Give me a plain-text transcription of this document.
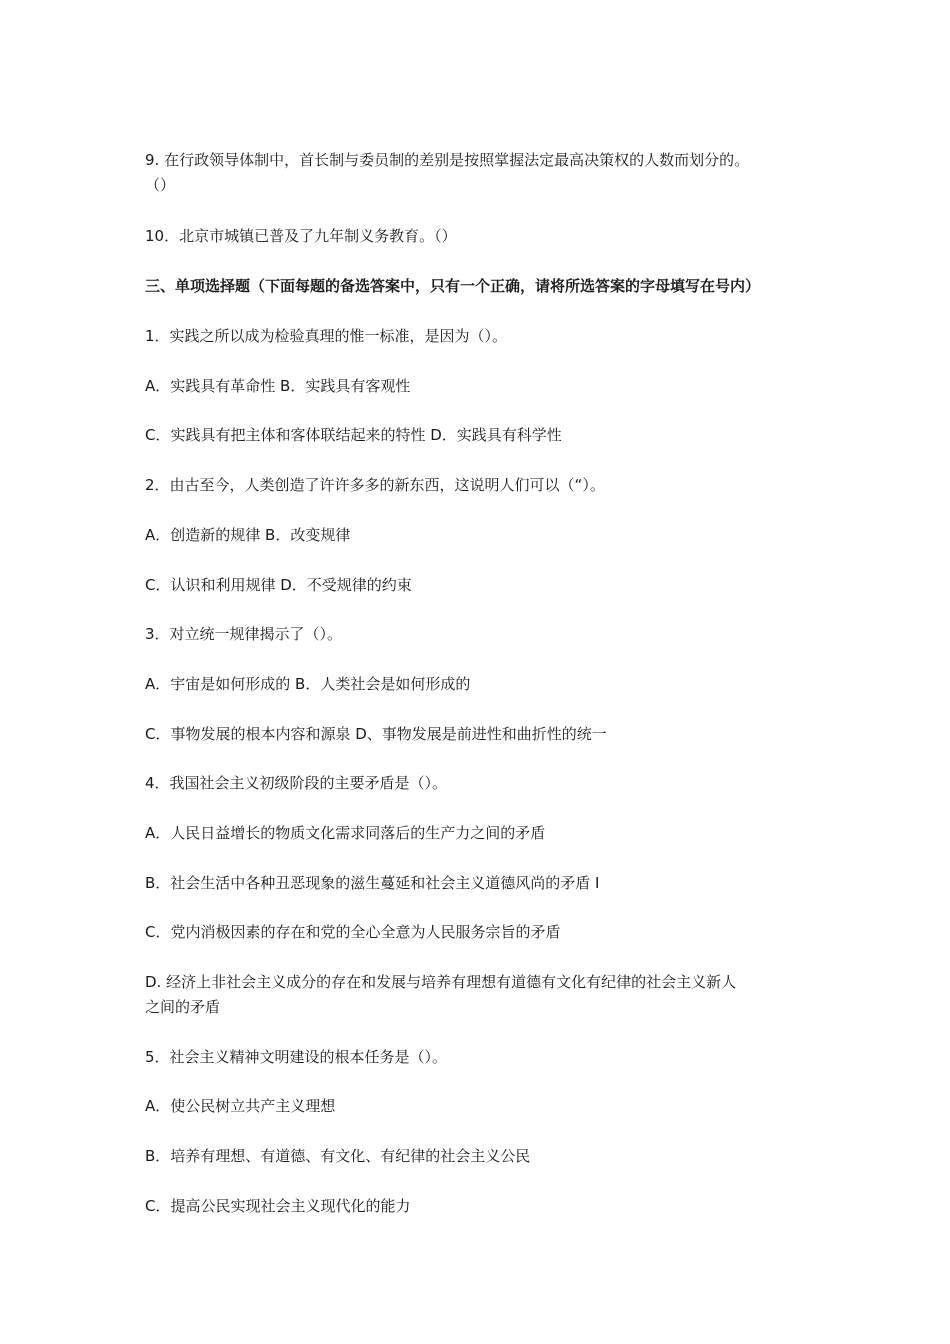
9. 在行政领导体制中，首长制与委员制的差别是按照掌握法定最高决策权的人数而划分的。
（）

10．北京市城镇已普及了九年制义务教育。（）

三、单项选择题（下面每题的备选答案中，只有一个正确，请将所选答案的字母填写在号内）

1．实践之所以成为检验真理的惟一标准，是因为（）。

A．实践具有革命性 B．实践具有客观性

C．实践具有把主体和客体联结起来的特性 D．实践具有科学性

2．由古至今，人类创造了许许多多的新东西，这说明人们可以（“）。

A．创造新的规律 B．改变规律

C．认识和利用规律 D．不受规律的约束

3．对立统一规律揭示了（）。

A．宇宙是如何形成的 B．人类社会是如何形成的

C．事物发展的根本内容和源泉 D、事物发展是前进性和曲折性的统一

4．我国社会主义初级阶段的主要矛盾是（）。

A．人民日益增长的物质文化需求同落后的生产力之间的矛盾

B．社会生活中各种丑恶现象的滋生蔓延和社会主义道德风尚的矛盾 I

C．党内消极因素的存在和党的全心全意为人民服务宗旨的矛盾

D. 经济上非社会主义成分的存在和发展与培养有理想有道德有文化有纪律的社会主义新人
之间的矛盾

5．社会主义精神文明建设的根本任务是（）。

A．使公民树立共产主义理想

B．培养有理想、有道德、有文化、有纪律的社会主义公民

C．提高公民实现社会主义现代化的能力
